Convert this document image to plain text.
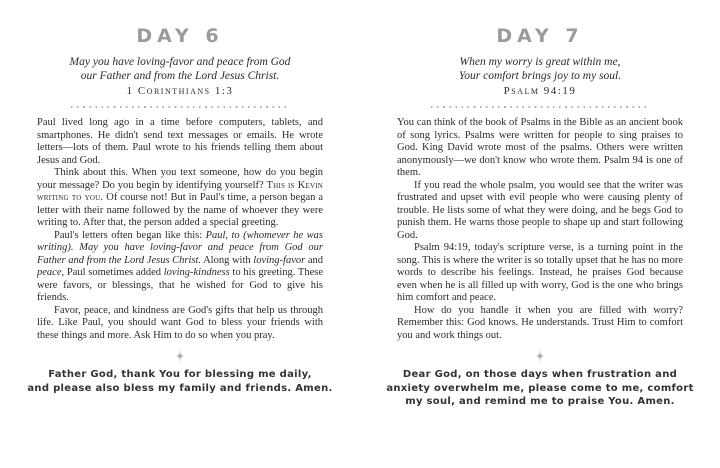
DAY 6

May you have loving-favor and peace from God
our Father and from the Lord Jesus Christ.

1 Corinthians 1:3

Paul lived long ago in a time before computers, tablets, and smartphones. He didn't send text messages or emails. He wrote letters—lots of them. Paul wrote to his friends telling them about Jesus and God.

Think about this. When you text someone, how do you begin your message? Do you begin by identifying yourself? This is Kevin writing to you. Of course not! But in Paul's time, a person began a letter with their name followed by the name of whoever they were writing to. After that, the person added a special greeting.

Paul's letters often began like this: Paul, to (whomever he was writing). May you have loving-favor and peace from God our Father and from the Lord Jesus Christ. Along with loving-favor and peace, Paul sometimes added loving-kindness to his greeting. These were favors, or blessings, that he wished for God to give his friends.

Favor, peace, and kindness are God's gifts that help us through life. Like Paul, you should want God to bless your friends with these things and more. Ask Him to do so when you pray.

Father God, thank You for blessing me daily,
and please also bless my family and friends. Amen.

DAY 7

When my worry is great within me,
Your comfort brings joy to my soul.

Psalm 94:19

You can think of the book of Psalms in the Bible as an ancient book of song lyrics. Psalms were written for people to sing praises to God. King David wrote most of the psalms. Others were written anonymously—we don't know who wrote them. Psalm 94 is one of them.

If you read the whole psalm, you would see that the writer was frustrated and upset with evil people who were causing plenty of trouble. He lists some of what they were doing, and he begs God to punish them. He warns those people to shape up and start following God.

Psalm 94:19, today's scripture verse, is a turning point in the song. This is where the writer is so totally upset that he has no more words to describe his feelings. Instead, he praises God because even when he is all filled up with worry, God is the one who brings him comfort and peace.

How do you handle it when you are filled with worry? Remember this: God knows. He understands. Trust Him to comfort you and work things out.

Dear God, on those days when frustration and
anxiety overwhelm me, please come to me, comfort
my soul, and remind me to praise You. Amen.
